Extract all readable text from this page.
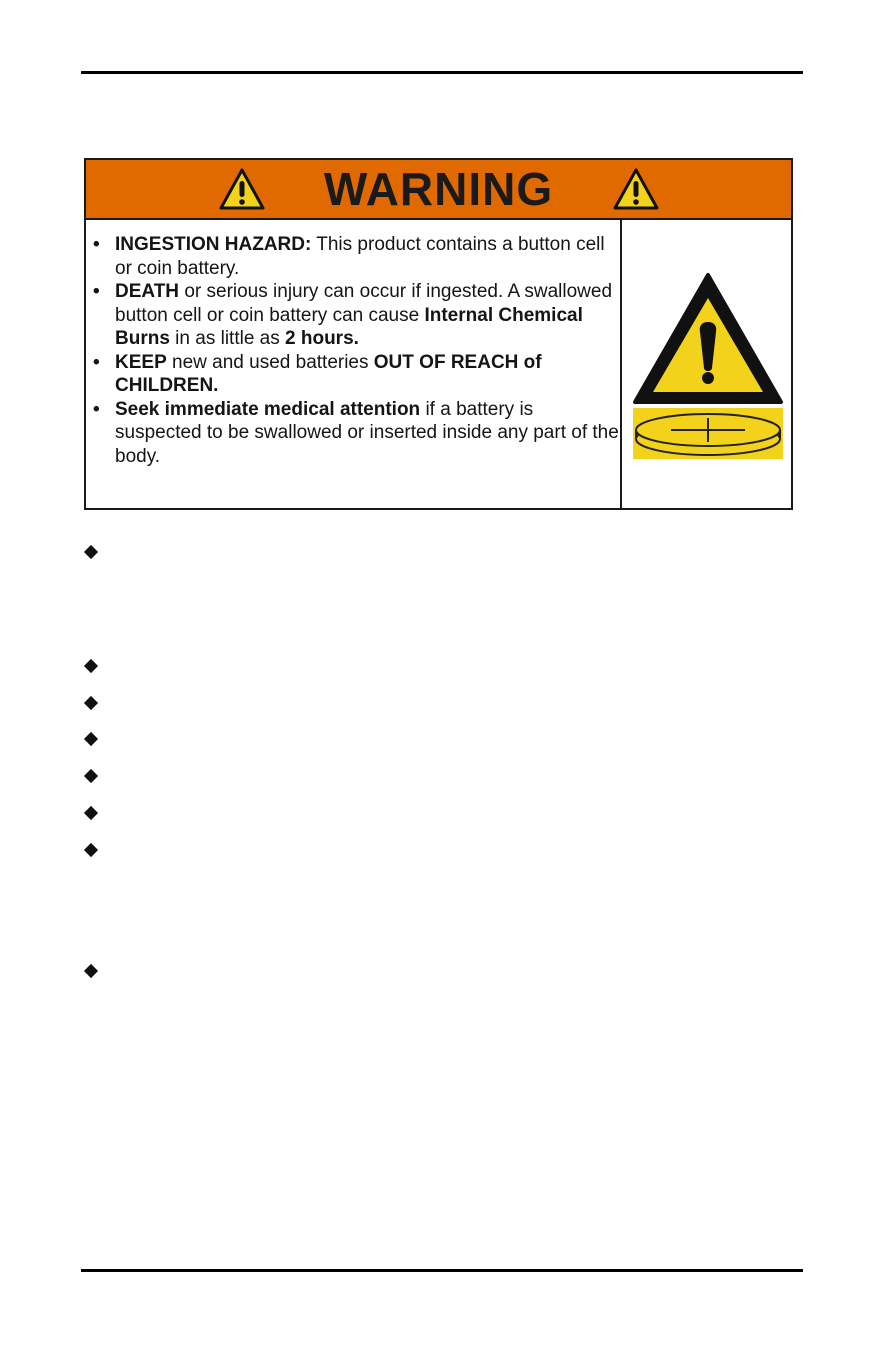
WARNING
• INGESTION HAZARD: This product contains a button cell or coin battery.
• DEATH or serious injury can occur if ingested. A swallowed button cell or coin battery can cause Internal Chemical Burns in as little as 2 hours.
• KEEP new and used batteries OUT OF REACH of CHILDREN.
• Seek immediate medical attention if a battery is suspected to be swallowed or inserted inside any part of the body.
